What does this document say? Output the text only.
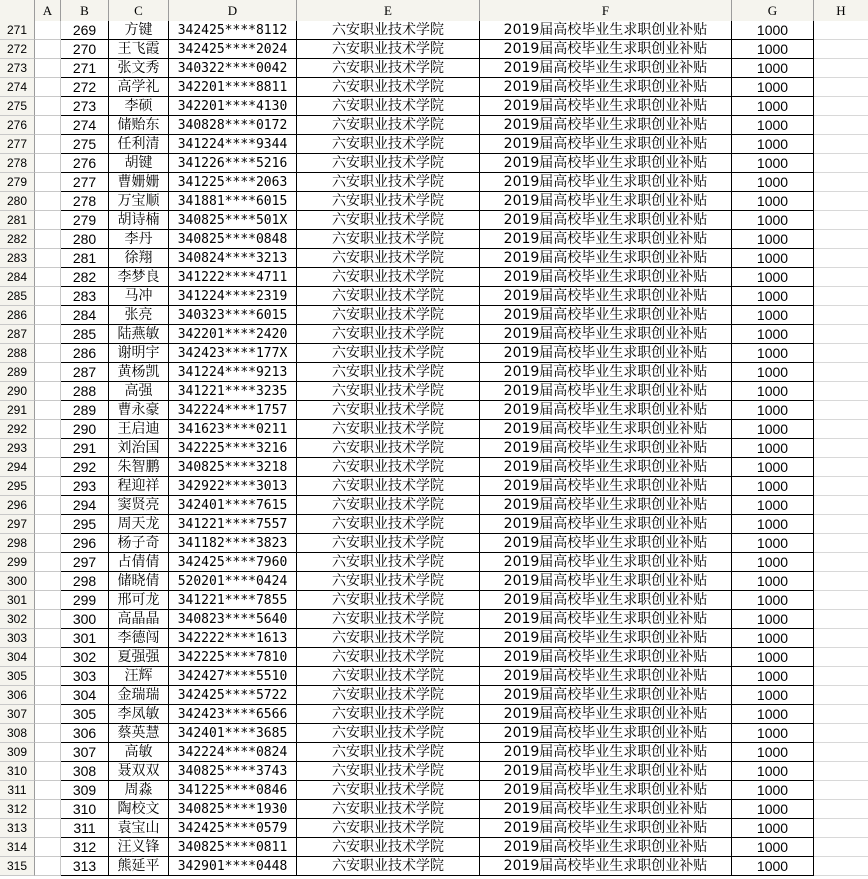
A	B	C	D	E	F	G	H
271	269	方键	342425****8112	六安职业技术学院	2019届高校毕业生求职创业补贴	1000
272	270	王飞霞	342425****2024	六安职业技术学院	2019届高校毕业生求职创业补贴	1000
273	271	张文秀	340322****0042	六安职业技术学院	2019届高校毕业生求职创业补贴	1000
274	272	高学礼	342201****8811	六安职业技术学院	2019届高校毕业生求职创业补贴	1000
275	273	李硕	342201****4130	六安职业技术学院	2019届高校毕业生求职创业补贴	1000
276	274	储贻东	340828****0172	六安职业技术学院	2019届高校毕业生求职创业补贴	1000
277	275	任利清	341224****9344	六安职业技术学院	2019届高校毕业生求职创业补贴	1000
278	276	胡键	341226****5216	六安职业技术学院	2019届高校毕业生求职创业补贴	1000
279	277	曹姗姗	341225****2063	六安职业技术学院	2019届高校毕业生求职创业补贴	1000
280	278	万宝顺	341881****6015	六安职业技术学院	2019届高校毕业生求职创业补贴	1000
281	279	胡诗楠	340825****501X	六安职业技术学院	2019届高校毕业生求职创业补贴	1000
282	280	李丹	340825****0848	六安职业技术学院	2019届高校毕业生求职创业补贴	1000
283	281	徐翔	340824****3213	六安职业技术学院	2019届高校毕业生求职创业补贴	1000
284	282	李梦良	341222****4711	六安职业技术学院	2019届高校毕业生求职创业补贴	1000
285	283	马冲	341224****2319	六安职业技术学院	2019届高校毕业生求职创业补贴	1000
286	284	张亮	340323****6015	六安职业技术学院	2019届高校毕业生求职创业补贴	1000
287	285	陆燕敏	342201****2420	六安职业技术学院	2019届高校毕业生求职创业补贴	1000
288	286	谢明宇	342423****177X	六安职业技术学院	2019届高校毕业生求职创业补贴	1000
289	287	黄杨凯	341224****9213	六安职业技术学院	2019届高校毕业生求职创业补贴	1000
290	288	高强	341221****3235	六安职业技术学院	2019届高校毕业生求职创业补贴	1000
291	289	曹永豪	342224****1757	六安职业技术学院	2019届高校毕业生求职创业补贴	1000
292	290	王启迪	341623****0211	六安职业技术学院	2019届高校毕业生求职创业补贴	1000
293	291	刘治国	342225****3216	六安职业技术学院	2019届高校毕业生求职创业补贴	1000
294	292	朱智鹏	340825****3218	六安职业技术学院	2019届高校毕业生求职创业补贴	1000
295	293	程迎祥	342922****3013	六安职业技术学院	2019届高校毕业生求职创业补贴	1000
296	294	窦贤亮	342401****7615	六安职业技术学院	2019届高校毕业生求职创业补贴	1000
297	295	周天龙	341221****7557	六安职业技术学院	2019届高校毕业生求职创业补贴	1000
298	296	杨子奇	341182****3823	六安职业技术学院	2019届高校毕业生求职创业补贴	1000
299	297	占倩倩	342425****7960	六安职业技术学院	2019届高校毕业生求职创业补贴	1000
300	298	储晓倩	520201****0424	六安职业技术学院	2019届高校毕业生求职创业补贴	1000
301	299	邢可龙	341221****7855	六安职业技术学院	2019届高校毕业生求职创业补贴	1000
302	300	高晶晶	340823****5640	六安职业技术学院	2019届高校毕业生求职创业补贴	1000
303	301	李德闯	342222****1613	六安职业技术学院	2019届高校毕业生求职创业补贴	1000
304	302	夏强强	342225****7810	六安职业技术学院	2019届高校毕业生求职创业补贴	1000
305	303	汪辉	342427****5510	六安职业技术学院	2019届高校毕业生求职创业补贴	1000
306	304	金瑞瑞	342425****5722	六安职业技术学院	2019届高校毕业生求职创业补贴	1000
307	305	李凤敏	342423****6566	六安职业技术学院	2019届高校毕业生求职创业补贴	1000
308	306	蔡英慧	342401****3685	六安职业技术学院	2019届高校毕业生求职创业补贴	1000
309	307	高敏	342224****0824	六安职业技术学院	2019届高校毕业生求职创业补贴	1000
310	308	聂双双	340825****3743	六安职业技术学院	2019届高校毕业生求职创业补贴	1000
311	309	周淼	341225****0846	六安职业技术学院	2019届高校毕业生求职创业补贴	1000
312	310	陶校文	340825****1930	六安职业技术学院	2019届高校毕业生求职创业补贴	1000
313	311	袁宝山	342425****0579	六安职业技术学院	2019届高校毕业生求职创业补贴	1000
314	312	汪义锋	340825****0811	六安职业技术学院	2019届高校毕业生求职创业补贴	1000
315	313	熊延平	342901****0448	六安职业技术学院	2019届高校毕业生求职创业补贴	1000
